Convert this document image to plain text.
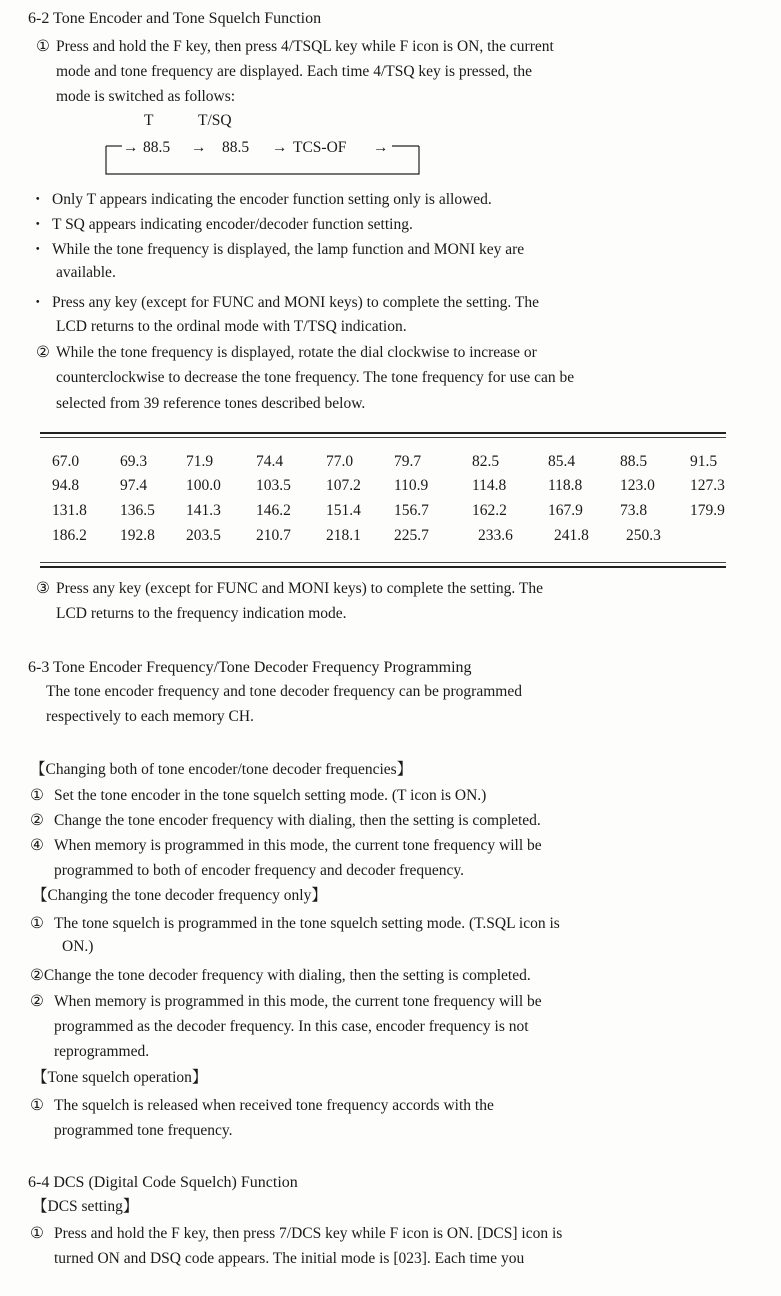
6-2 Tone Encoder and Tone Squelch Function
① Press and hold the F key, then press 4/TSQL key while F icon is ON, the current
mode and tone frequency are displayed. Each time 4/TSQ key is pressed, the
mode is switched as follows:
T	T/SQ
→ 88.5 → 88.5 → TCS-OF →
・ Only T appears indicating the encoder function setting only is allowed.
・ T SQ appears indicating encoder/decoder function setting.
・ While the tone frequency is displayed, the lamp function and MONI key are
available.
・ Press any key (except for FUNC and MONI keys) to complete the setting. The
LCD returns to the ordinal mode with T/TSQ indication.
② While the tone frequency is displayed, rotate the dial clockwise to increase or
counterclockwise to decrease the tone frequency. The tone frequency for use can be
selected from 39 reference tones described below.
67.0	69.3	71.9	74.4	77.0	79.7	82.5	85.4	88.5	91.5
94.8	97.4	100.0 103.5 107.2 110.9	114.8	118.8 123.0 127.3
131.8 136.5 141.3 146.2 151.4 156.7	162.2	167.9 73.8	179.9
186.2 192.8 203.5 210.7 218.1 225.7	233.6	241.8 250.3
③ Press any key (except for FUNC and MONI keys) to complete the setting. The
LCD returns to the frequency indication mode.
6-3 Tone Encoder Frequency/Tone Decoder Frequency Programming
The tone encoder frequency and tone decoder frequency can be programmed
respectively to each memory CH.
【Changing both of tone encoder/tone decoder frequencies】
① Set the tone encoder in the tone squelch setting mode. (T icon is ON.)
② Change the tone encoder frequency with dialing, then the setting is completed.
④ When memory is programmed in this mode, the current tone frequency will be
programmed to both of encoder frequency and decoder frequency.
【Changing the tone decoder frequency only】
① The tone squelch is programmed in the tone squelch setting mode. (T.SQL icon is
ON.)
②Change the tone decoder frequency with dialing, then the setting is completed.
② When memory is programmed in this mode, the current tone frequency will be
programmed as the decoder frequency. In this case, encoder frequency is not
reprogrammed.
【Tone squelch operation】
① The squelch is released when received tone frequency accords with the
programmed tone frequency.
6-4 DCS (Digital Code Squelch) Function
【DCS setting】
① Press and hold the F key, then press 7/DCS key while F icon is ON. [DCS] icon is
turned ON and DSQ code appears. The initial mode is [023]. Each time you
